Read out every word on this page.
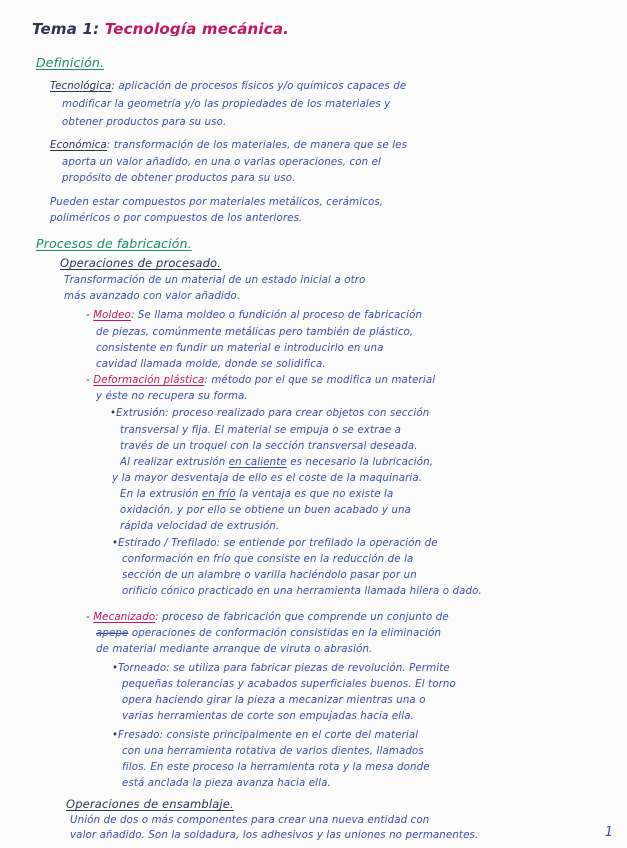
Tema 1: Tecnología mecánica.
Definición.
Tecnológica: aplicación de procesos físicos y/o químicos capaces de
modificar la geometría y/o las propiedades de los materiales y
obtener productos para su uso.
Económica: transformación de los materiales, de manera que se les
aporta un valor añadido, en una o varias operaciones, con el
propósito de obtener productos para su uso.
Pueden estar compuestos por materiales metálicos, cerámicos,
poliméricos o por compuestos de los anteriores.
Procesos de fabricación.
Operaciones de procesado.
Transformación de un material de un estado inicial a otro
más avanzado con valor añadido.
- Moldeo: Se llama moldeo o fundición al proceso de fabricación
de piezas, comúnmente metálicas pero también de plástico,
consistente en fundir un material e introducirlo en una
cavidad llamada molde, donde se solidifica.
- Deformación plástica: método por el que se modifica un material
y éste no recupera su forma.
•Extrusión: proceso realizado para crear objetos con sección
transversal y fija. El material se empuja o se extrae a
través de un troquel con la sección transversal deseada.
Al realizar extrusión en caliente es necesario la lubricación,
y la mayor desventaja de ello es el coste de la maquinaria.
En la extrusión en frío la ventaja es que no existe la
oxidación, y por ello se obtiene un buen acabado y una
rápida velocidad de extrusión.
•Estirado / Trefilado: se entiende por trefilado la operación de
conformación en frío que consiste en la reducción de la
sección de un alambre o varilla haciéndolo pasar por un
orificio cónico practicado en una herramienta llamada hilera o dado.
- Mecanizado: proceso de fabricación que comprende un conjunto de
apepe operaciones de conformación consistidas en la eliminación
de material mediante arranque de viruta o abrasión.
•Torneado: se utiliza para fabricar piezas de revolución. Permite
pequeñas tolerancias y acabados superficiales buenos. El torno
opera haciendo girar la pieza a mecanizar mientras una o
varias herramientas de corte son empujadas hacia ella.
•Fresado: consiste principalmente en el corte del material
con una herramienta rotativa de varios dientes, llamados
filos. En este proceso la herramienta rota y la mesa donde
está anclada la pieza avanza hacia ella.
Operaciones de ensamblaje.
Unión de dos o más componentes para crear una nueva entidad con
valor añadido. Son la soldadura, los adhesivos y las uniones no permanentes.	1
